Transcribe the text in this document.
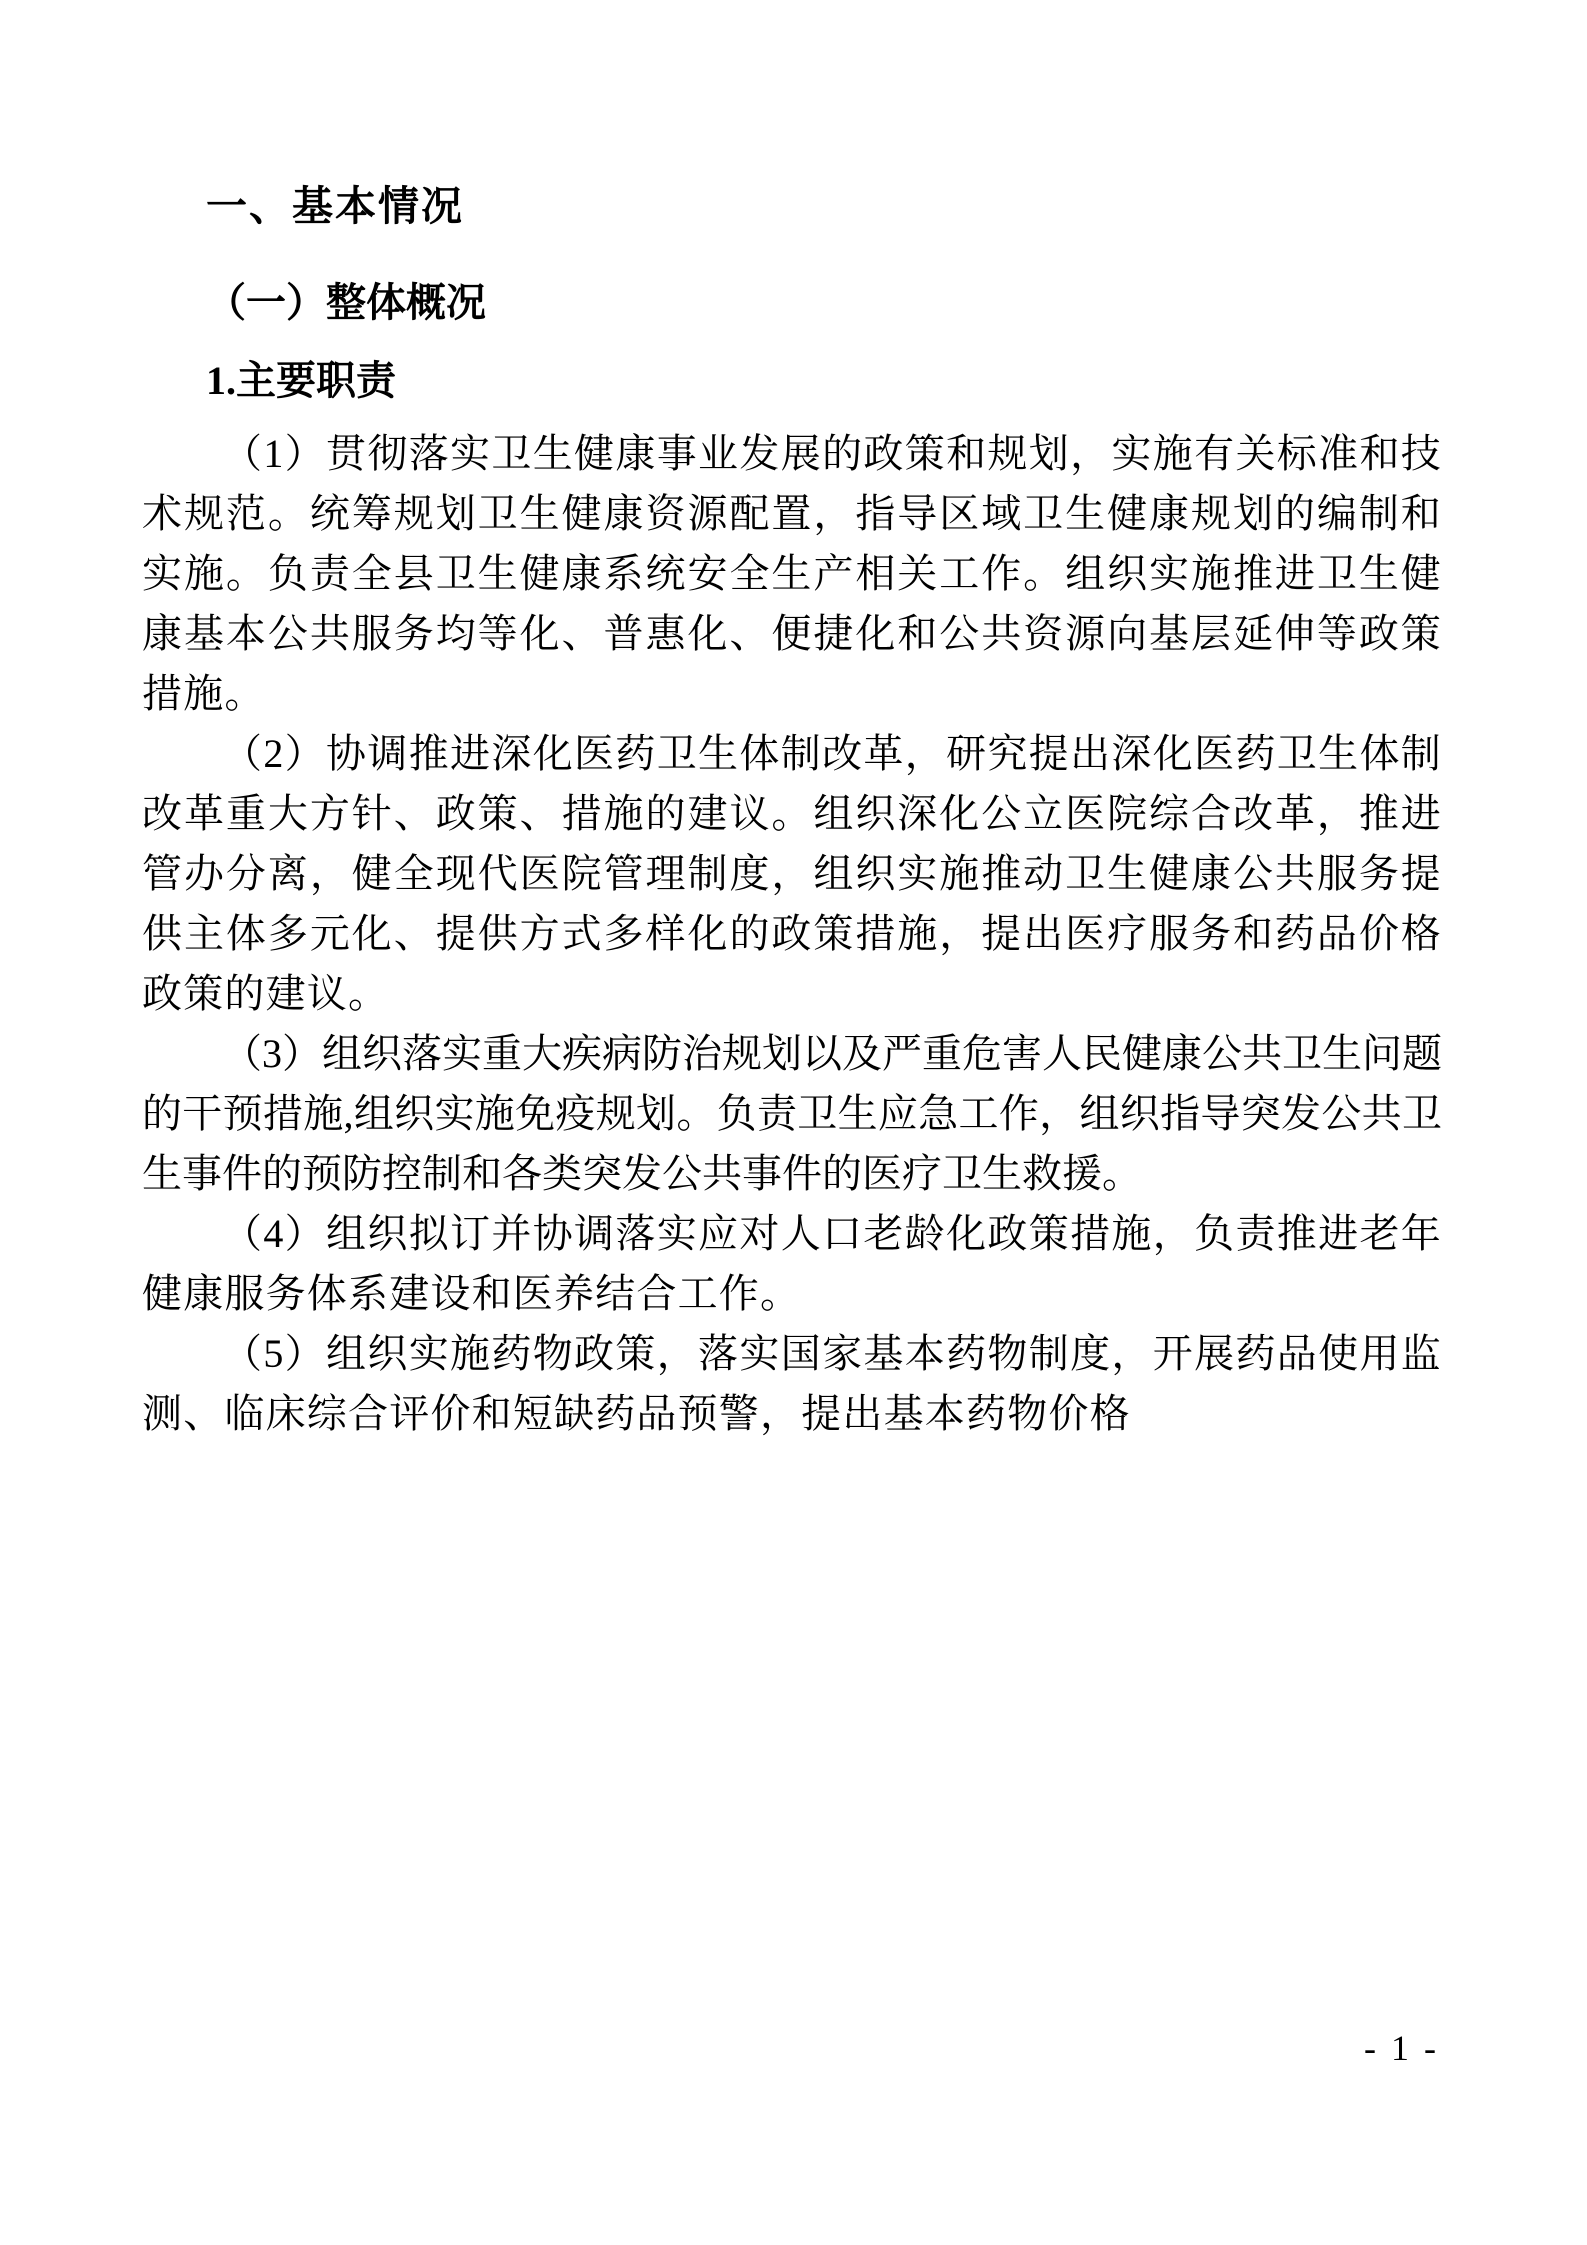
一、基本情况
（一）整体概况
1.主要职责

（1）贯彻落实卫生健康事业发展的政策和规划，实施有关标准和技术规范。统筹规划卫生健康资源配置，指导区域卫生健康规划的编制和实施。负责全县卫生健康系统安全生产相关工作。组织实施推进卫生健康基本公共服务均等化、普惠化、便捷化和公共资源向基层延伸等政策措施。

（2）协调推进深化医药卫生体制改革，研究提出深化医药卫生体制改革重大方针、政策、措施的建议。组织深化公立医院综合改革，推进管办分离，健全现代医院管理制度，组织实施推动卫生健康公共服务提供主体多元化、提供方式多样化的政策措施，提出医疗服务和药品价格政策的建议。

（3）组织落实重大疾病防治规划以及严重危害人民健康公共卫生问题的干预措施,组织实施免疫规划。负责卫生应急工作，组织指导突发公共卫生事件的预防控制和各类突发公共事件的医疗卫生救援。

（4）组织拟订并协调落实应对人口老龄化政策措施，负责推进老年健康服务体系建设和医养结合工作。

（5）组织实施药物政策，落实国家基本药物制度，开展药品使用监测、临床综合评价和短缺药品预警，提出基本药物价格

- 1 -
